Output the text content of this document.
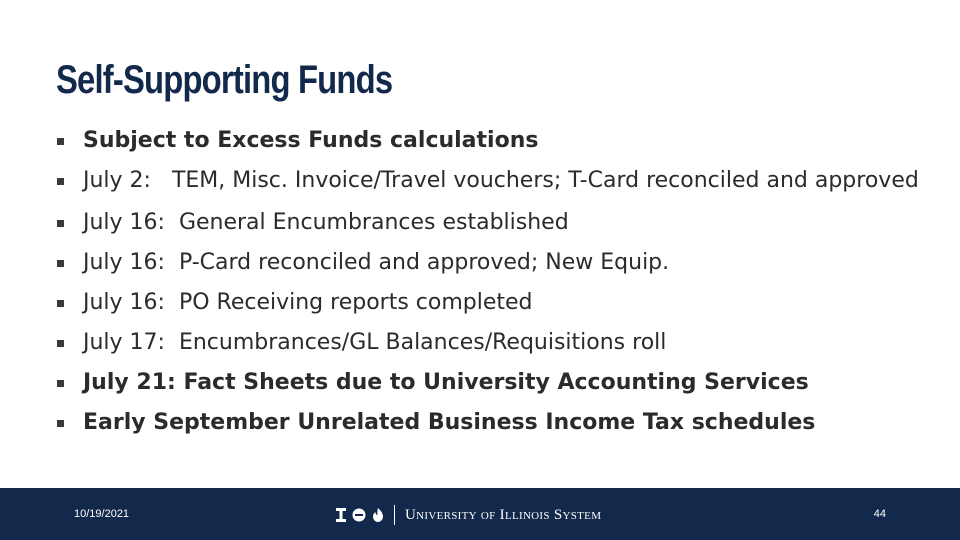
Self-Supporting Funds
Subject to Excess Funds calculations
July 2:   TEM, Misc. Invoice/Travel vouchers; T-Card reconciled and approved
July 16:  General Encumbrances established
July 16:  P-Card reconciled and approved; New Equip.
July 16:  PO Receiving reports completed
July 17:  Encumbrances/GL Balances/Requisitions roll
July 21: Fact Sheets due to University Accounting Services
Early September Unrelated Business Income Tax schedules
10/19/2021	University of Illinois System	44
